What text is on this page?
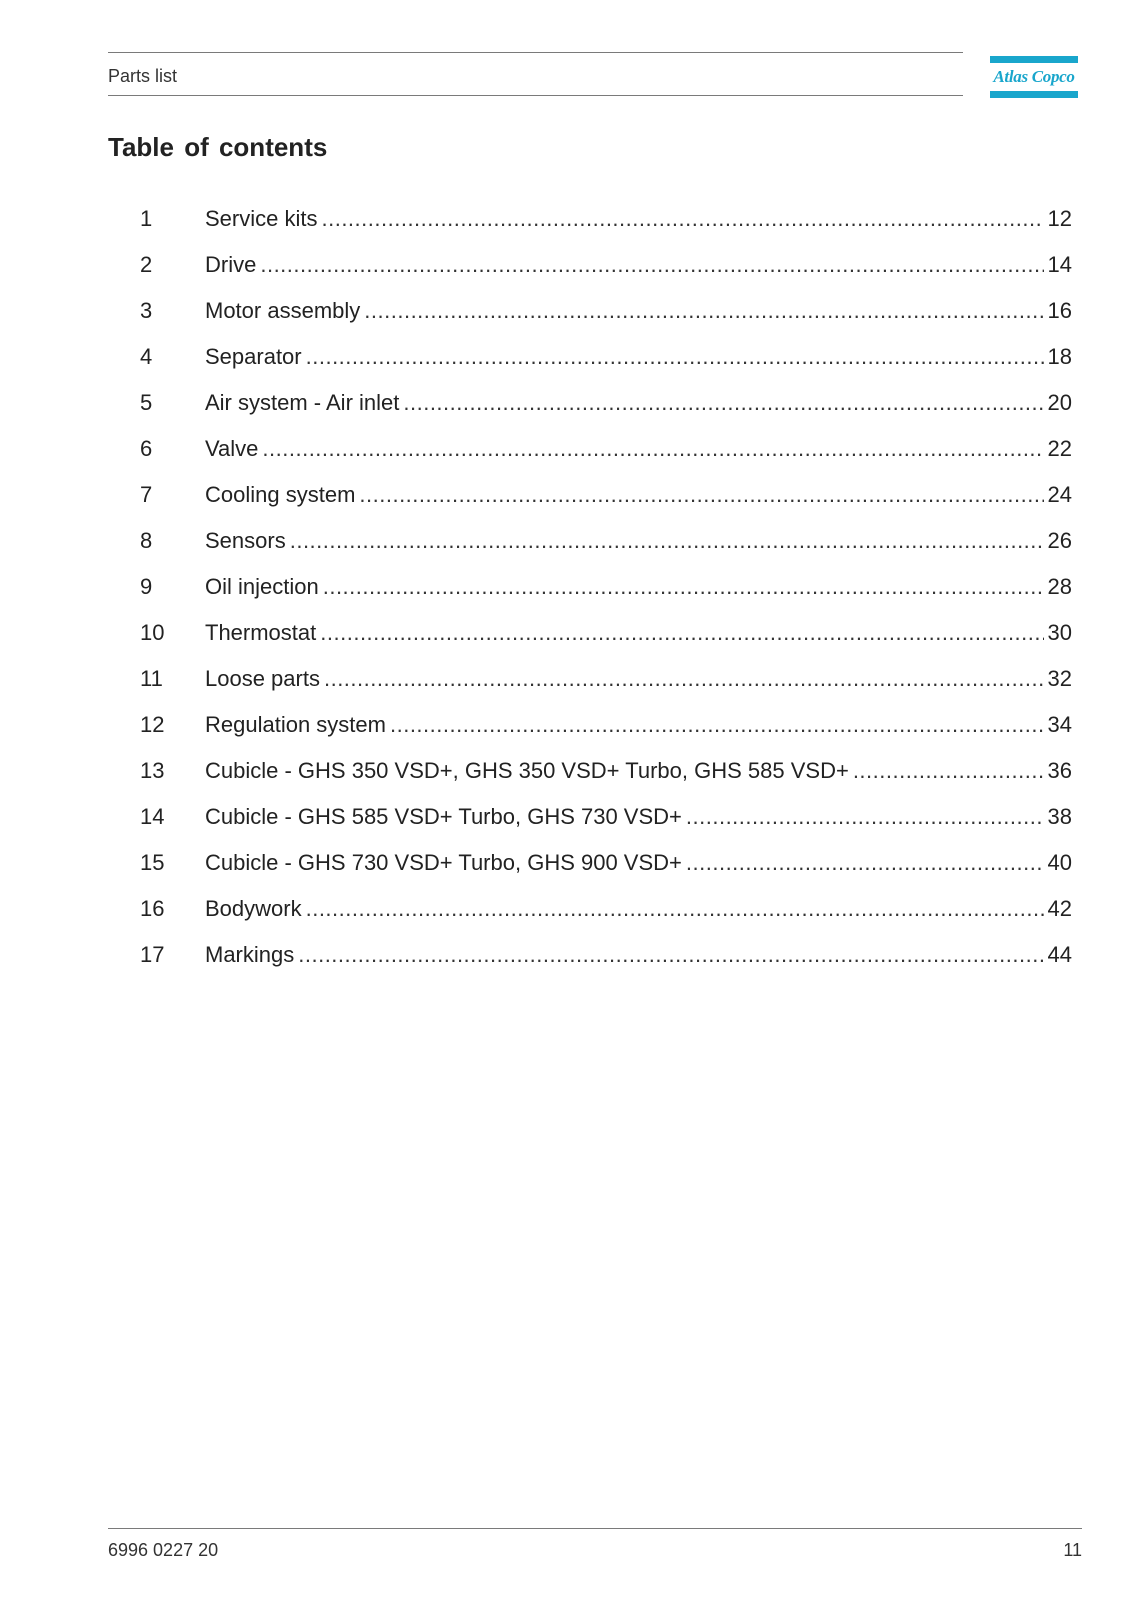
Parts list	Atlas Copco
Table of contents
1	Service kits .....	12
2	Drive .....	14
3	Motor assembly .....	16
4	Separator .....	18
5	Air system - Air inlet .....	20
6	Valve .....	22
7	Cooling system .....	24
8	Sensors .....	26
9	Oil injection .....	28
10	Thermostat .....	30
11	Loose parts .....	32
12	Regulation system .....	34
13	Cubicle - GHS 350 VSD+, GHS 350 VSD+ Turbo, GHS 585 VSD+ .....	36
14	Cubicle - GHS 585 VSD+ Turbo, GHS 730 VSD+ .....	38
15	Cubicle - GHS 730 VSD+ Turbo, GHS 900 VSD+ .....	40
16	Bodywork .....	42
17	Markings .....	44
6996 0227 20	11
